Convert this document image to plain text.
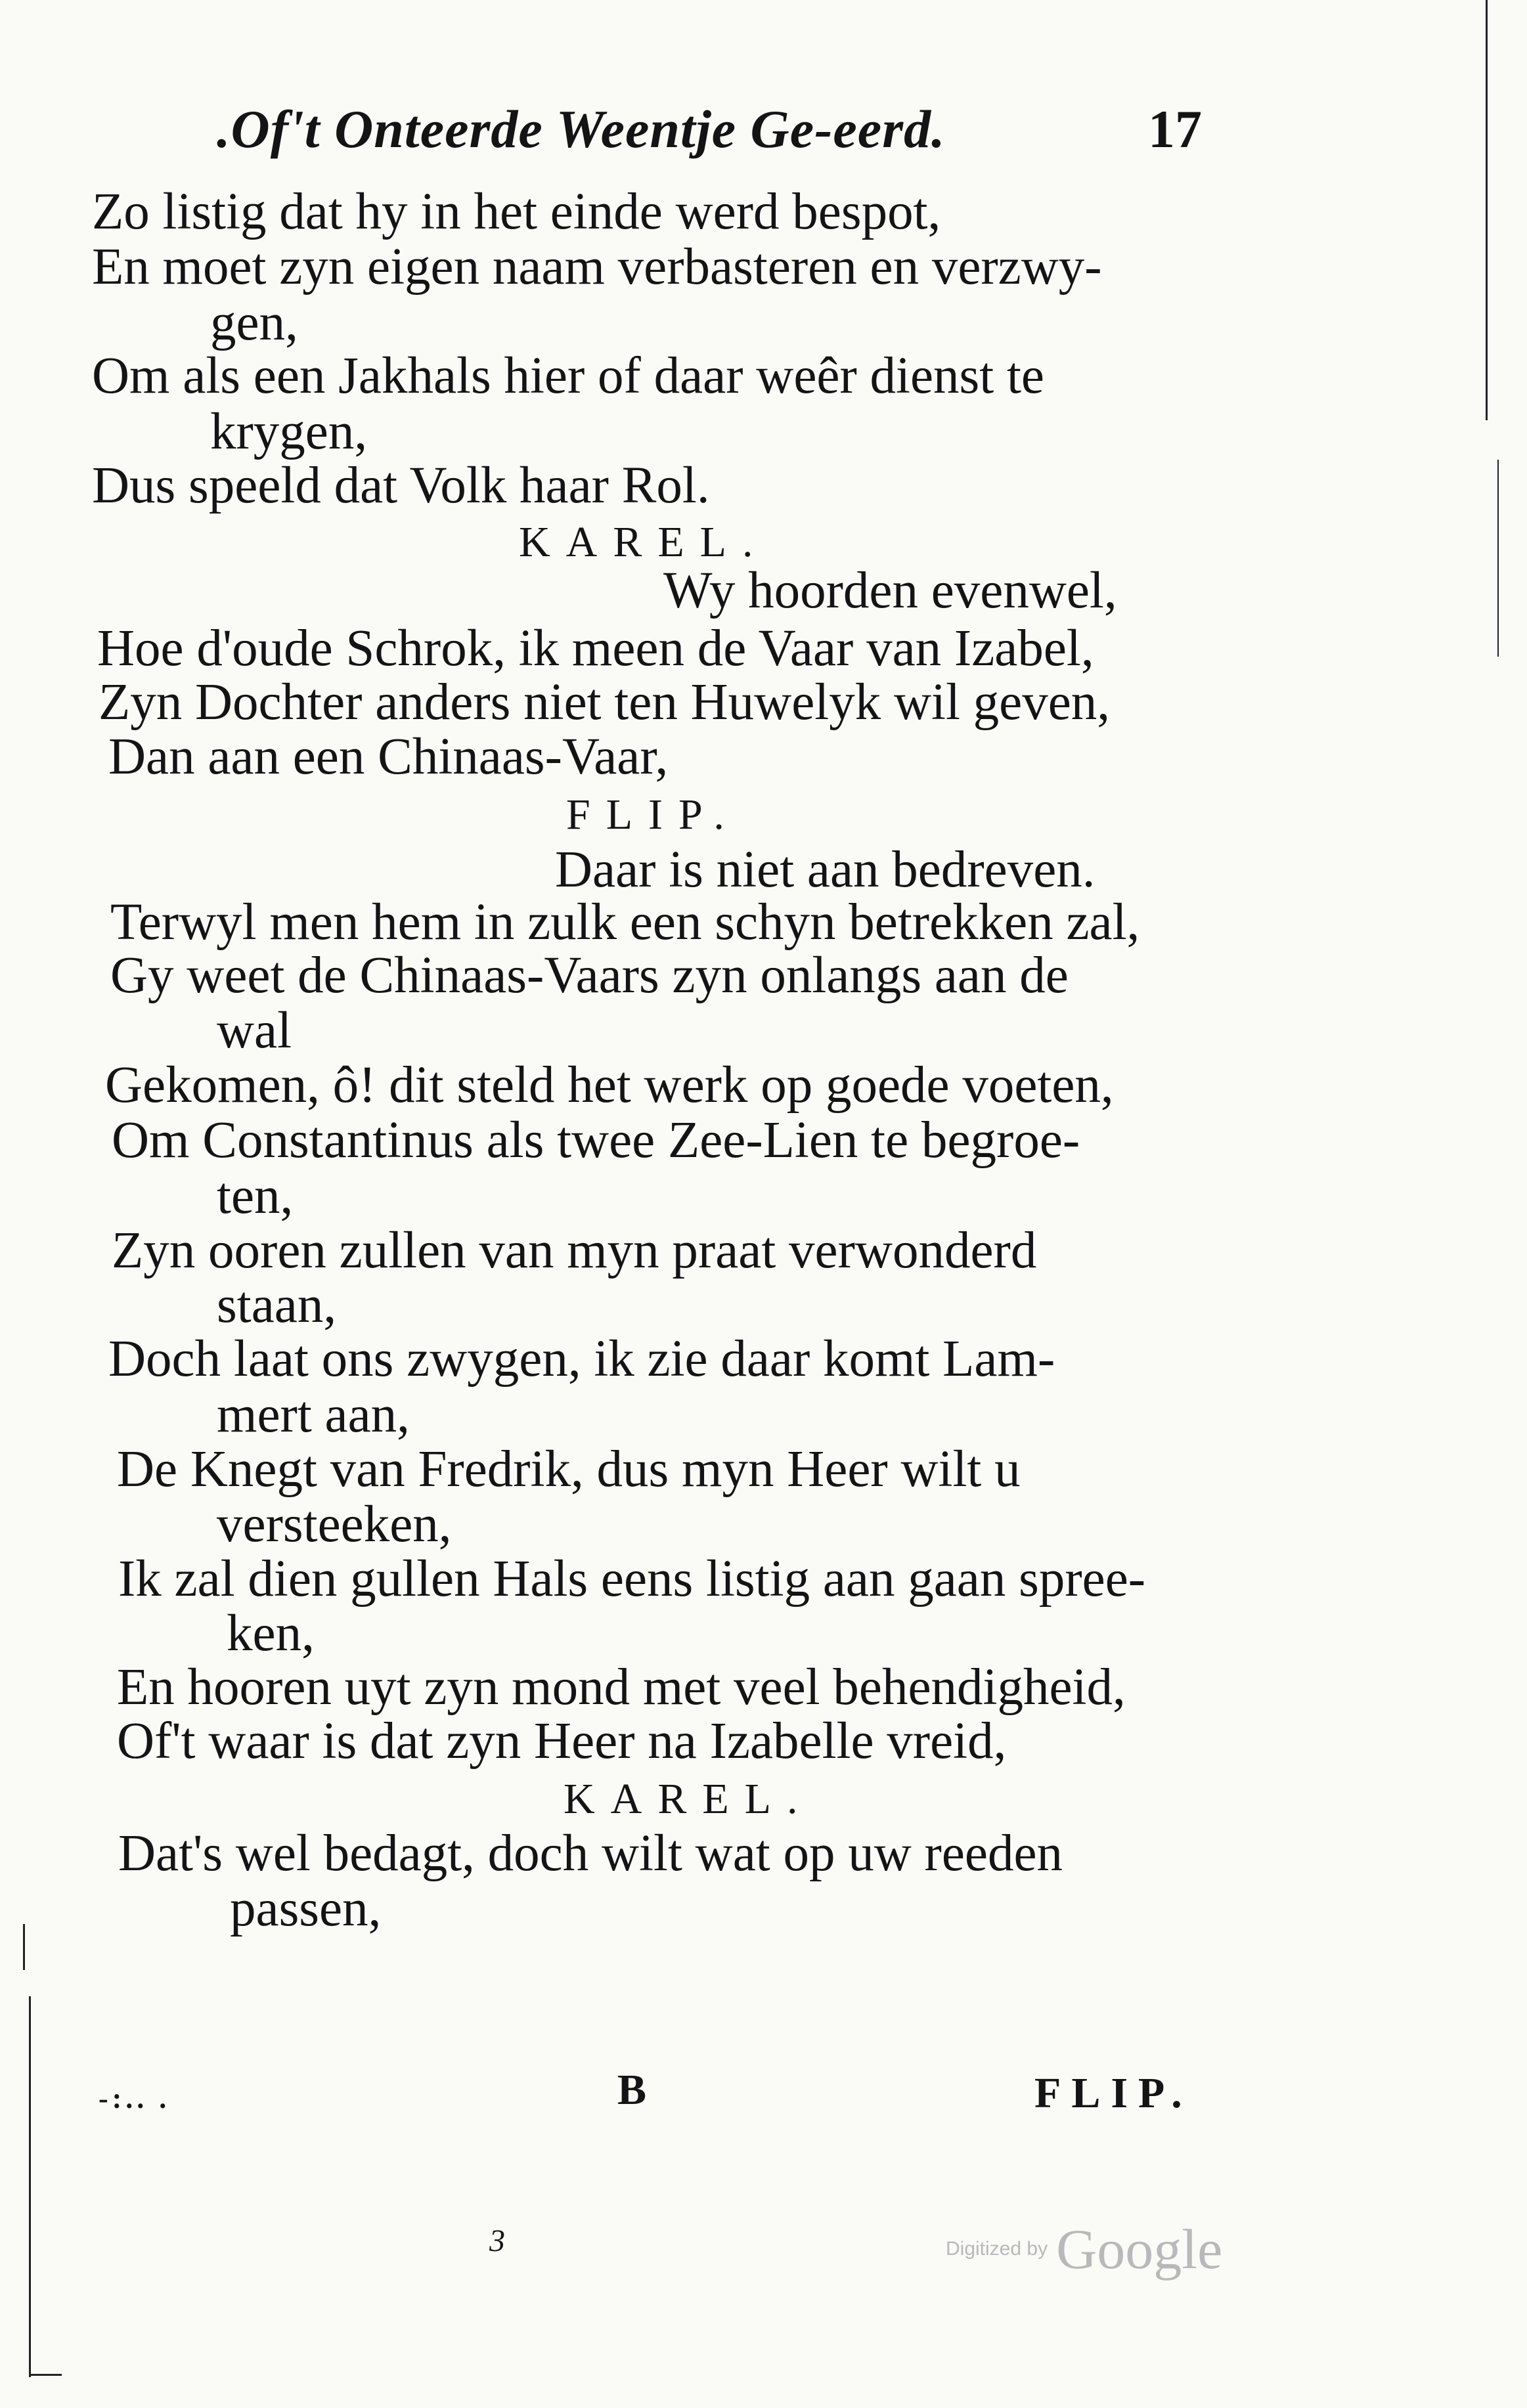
.Of't Onteerde Weentje Ge-eerd.	17
Zo listig dat hy in het einde werd bespot,
En moet zyn eigen naam verbasteren en verzwy-
gen,
Om als een Jakhals hier of daar weêr dienst te
krygen,
Dus speeld dat Volk haar Rol.
KAREL.
Wy hoorden evenwel,
Hoe d'oude Schrok, ik meen de Vaar van Izabel,
Zyn Dochter anders niet ten Huwelyk wil geven,
Dan aan een Chinaas-Vaar,
FLIP.
Daar is niet aan bedreven.
Terwyl men hem in zulk een schyn betrekken zal,
Gy weet de Chinaas-Vaars zyn onlangs aan de
wal
Gekomen, ô! dit steld het werk op goede voeten,
Om Constantinus als twee Zee-Lien te begroe-
ten,
Zyn ooren zullen van myn praat verwonderd
staan,
Doch laat ons zwygen, ik zie daar komt Lam-
mert aan,
De Knegt van Fredrik, dus myn Heer wilt u
versteeken,
Ik zal dien gullen Hals eens listig aan gaan spree-
ken,
En hooren uyt zyn mond met veel behendigheid,
Of't waar is dat zyn Heer na Izabelle vreid,
KAREL.
Dat's wel bedagt, doch wilt wat op uw reeden
passen,
-:.. .	B	FLIP.
3	Digitized by Google
